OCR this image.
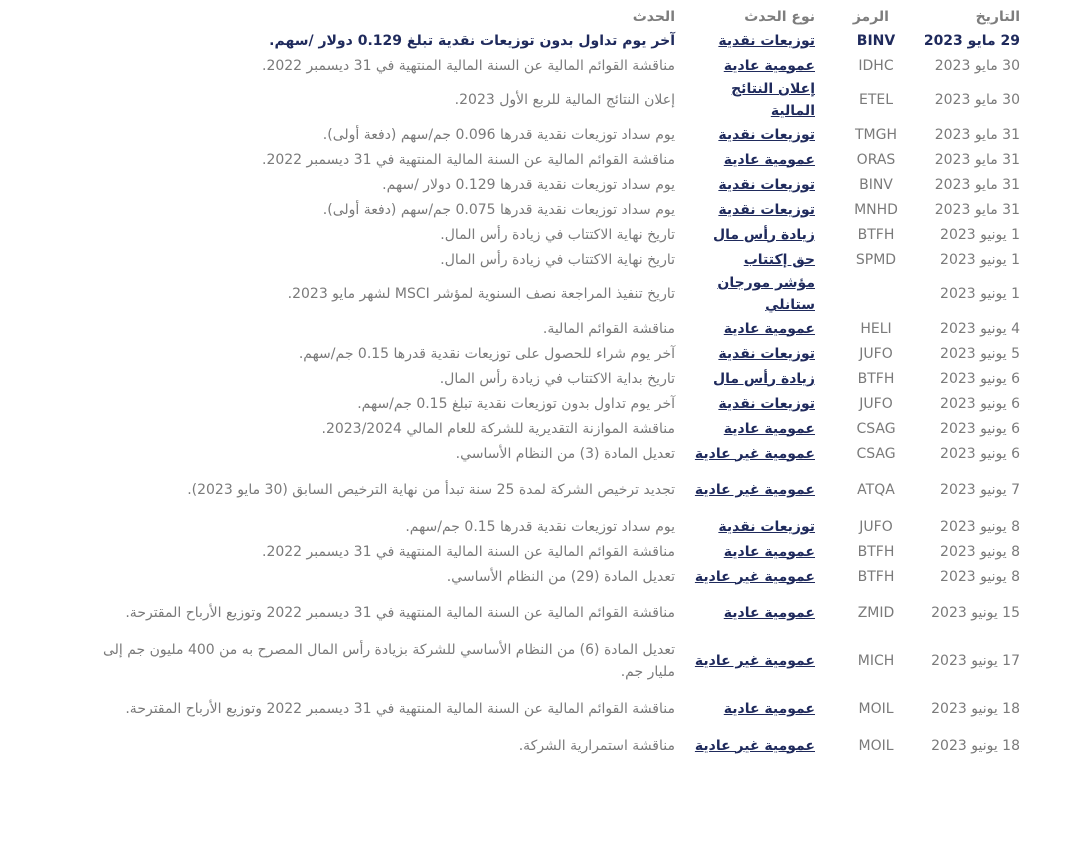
التاريخ	الرمز	نوع الحدث	الحدث
29 مايو 2023	BINV	توزيعات نقدية	آخر يوم تداول بدون توزيعات نقدية تبلغ 0.129 دولار /سهم.
30 مايو 2023	IDHC	عمومية عادية	مناقشة القوائم المالية عن السنة المالية المنتهية في 31 ديسمبر 2022.
30 مايو 2023	ETEL	إعلان النتائج المالية	إعلان النتائج المالية للربع الأول 2023.
31 مايو 2023	TMGH	توزيعات نقدية	يوم سداد توزيعات نقدية قدرها 0.096 جم/سهم (دفعة أولى).
31 مايو 2023	ORAS	عمومية عادية	مناقشة القوائم المالية عن السنة المالية المنتهية في 31 ديسمبر 2022.
31 مايو 2023	BINV	توزيعات نقدية	يوم سداد توزيعات نقدية قدرها 0.129 دولار /سهم.
31 مايو 2023	MNHD	توزيعات نقدية	يوم سداد توزيعات نقدية قدرها 0.075 جم/سهم (دفعة أولى).
1 يونيو 2023	BTFH	زيادة رأس مال	تاريخ نهاية الاكتتاب في زيادة رأس المال.
1 يونيو 2023	SPMD	حق إكتتاب	تاريخ نهاية الاكتتاب في زيادة رأس المال.
1 يونيو 2023		مؤشر مورجان ستانلي	تاريخ تنفيذ المراجعة نصف السنوية لمؤشر MSCI لشهر مايو 2023.
4 يونيو 2023	HELI	عمومية عادية	مناقشة القوائم المالية.
5 يونيو 2023	JUFO	توزيعات نقدية	آخر يوم شراء للحصول على توزيعات نقدية قدرها 0.15 جم/سهم.
6 يونيو 2023	BTFH	زيادة رأس مال	تاريخ بداية الاكتتاب في زيادة رأس المال.
6 يونيو 2023	JUFO	توزيعات نقدية	آخر يوم تداول بدون توزيعات نقدية تبلغ 0.15 جم/سهم.
6 يونيو 2023	CSAG	عمومية عادية	مناقشة الموازنة التقديرية للشركة للعام المالي 2023/2024.
6 يونيو 2023	CSAG	عمومية غير عادية	تعديل المادة (3) من النظام الأساسي.
7 يونيو 2023	ATQA	عمومية غير عادية	تجديد ترخيص الشركة لمدة 25 سنة تبدأ من نهاية الترخيص السابق (30 مايو 2023).
8 يونيو 2023	JUFO	توزيعات نقدية	يوم سداد توزيعات نقدية قدرها 0.15 جم/سهم.
8 يونيو 2023	BTFH	عمومية عادية	مناقشة القوائم المالية عن السنة المالية المنتهية في 31 ديسمبر 2022.
8 يونيو 2023	BTFH	عمومية غير عادية	تعديل المادة (29) من النظام الأساسي.
15 يونيو 2023	ZMID	عمومية عادية	مناقشة القوائم المالية عن السنة المالية المنتهية في 31 ديسمبر 2022 وتوزيع الأرباح المقترحة.
17 يونيو 2023	MICH	عمومية غير عادية	تعديل المادة (6) من النظام الأساسي للشركة بزيادة رأس المال المصرح به من 400 مليون جم إلى مليار جم.
18 يونيو 2023	MOIL	عمومية عادية	مناقشة القوائم المالية عن السنة المالية المنتهية في 31 ديسمبر 2022 وتوزيع الأرباح المقترحة.
18 يونيو 2023	MOIL	عمومية غير عادية	مناقشة استمرارية الشركة.
